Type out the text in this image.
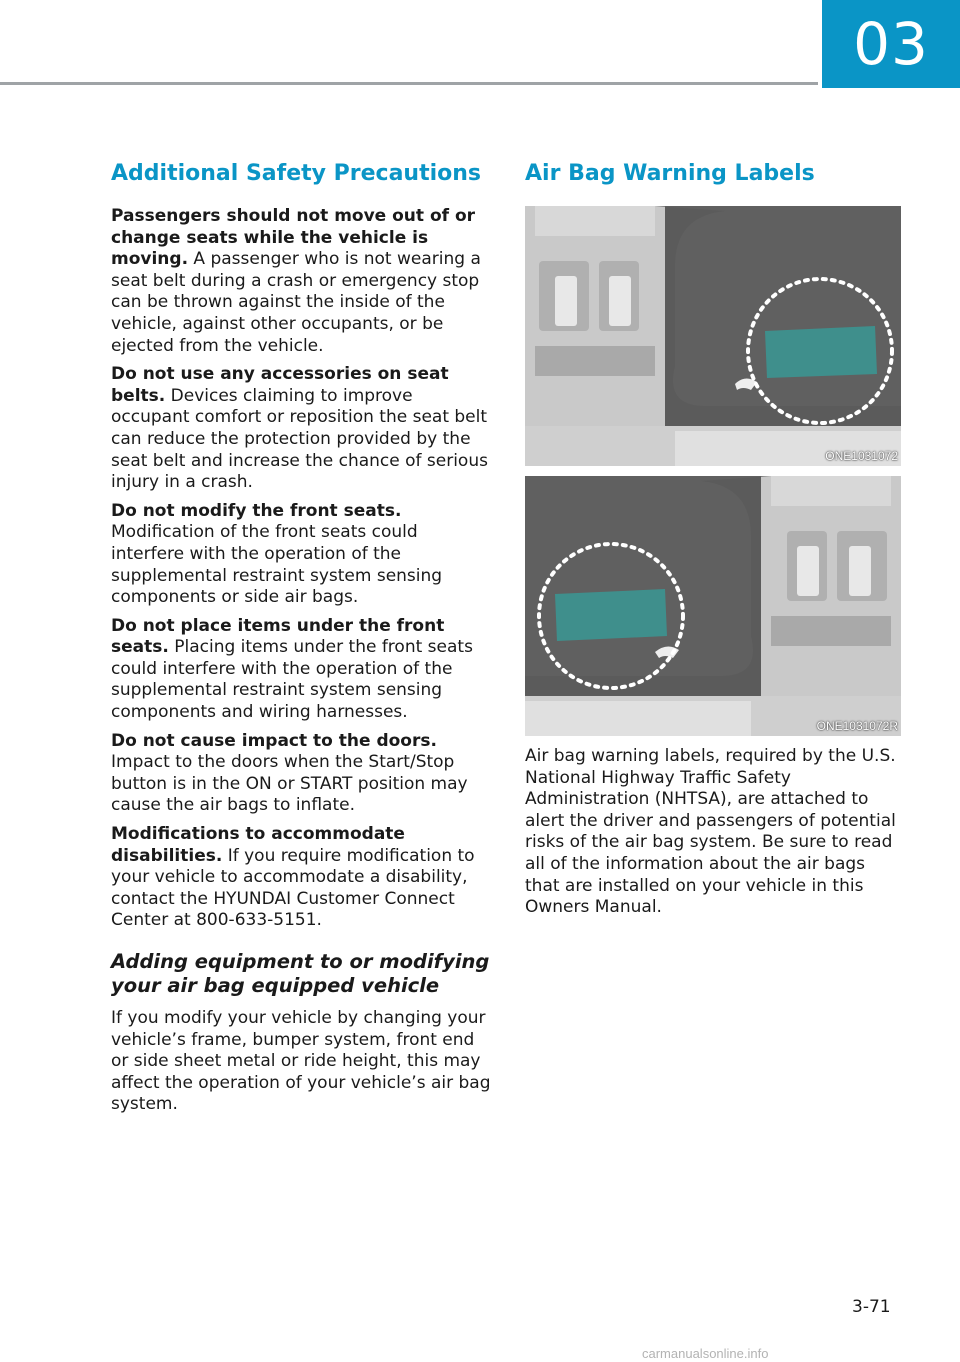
03
Additional Safety Precautions

Passengers should not move out of or change seats while the vehicle is moving. A passenger who is not wearing a seat belt during a crash or emergency stop can be thrown against the inside of the vehicle, against other occupants, or be ejected from the vehicle.

Do not use any accessories on seat belts. Devices claiming to improve occupant comfort or reposition the seat belt can reduce the protection provided by the seat belt and increase the chance of serious injury in a crash.

Do not modify the front seats. Modification of the front seats could interfere with the operation of the supplemental restraint system sensing components or side air bags.

Do not place items under the front seats. Placing items under the front seats could interfere with the operation of the supplemental restraint system sensing components and wiring harnesses.

Do not cause impact to the doors. Impact to the doors when the Start/Stop button is in the ON or START position may cause the air bags to inflate.

Modifications to accommodate disabilities. If you require modification to your vehicle to accommodate a disability, contact the HYUNDAI Customer Connect Center at 800-633-5151.

Adding equipment to or modifying your air bag equipped vehicle

If you modify your vehicle by changing your vehicle’s frame, bumper system, front end or side sheet metal or ride height, this may affect the operation of your vehicle’s air bag system.

Air Bag Warning Labels
ONE1031072
ONE1031072R

Air bag warning labels, required by the U.S. National Highway Traffic Safety Administration (NHTSA), are attached to alert the driver and passengers of potential risks of the air bag system. Be sure to read all of the information about the air bags that are installed on your vehicle in this Owners Manual.

3-71
carmanualsonline.info
